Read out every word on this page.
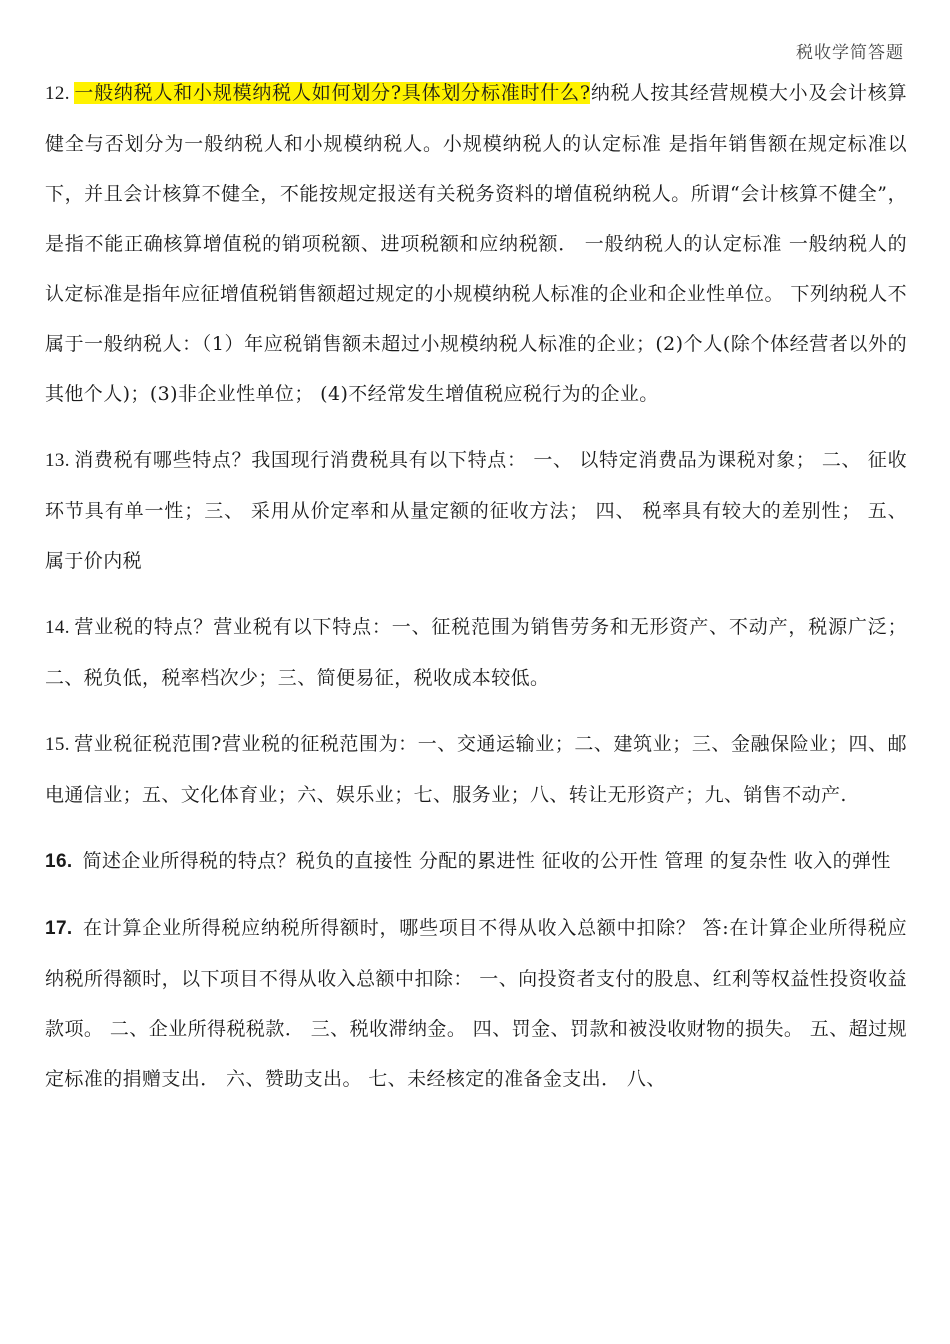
税收学简答题
12. 一般纳税人和小规模纳税人如何划分?具体划分标准时什么?纳税人按其经营规模大小及会计核算健全与否划分为一般纳税人和小规模纳税人。小规模纳税人的认定标准 是指年销售额在规定标准以下，并且会计核算不健全，不能按规定报送有关税务资料的增值税纳税人。所谓“会计核算不健全”，是指不能正确核算增值税的销项税额、进项税额和应纳税额． 一般纳税人的认定标准 一般纳税人的认定标准是指年应征增值税销售额超过规定的小规模纳税人标准的企业和企业性单位。 下列纳税人不属于一般纳税人：（1）年应税销售额未超过小规模纳税人标准的企业；(2)个人(除个体经营者以外的其他个人)；(3)非企业性单位； (4)不经常发生增值税应税行为的企业。
13. 消费税有哪些特点？我国现行消费税具有以下特点： 一、 以特定消费品为课税对象； 二、 征收环节具有单一性；三、 采用从价定率和从量定额的征收方法； 四、 税率具有较大的差别性； 五、 属于价内税
14. 营业税的特点？营业税有以下特点：一、征税范围为销售劳务和无形资产、不动产，税源广泛；二、税负低，税率档次少；三、简便易征，税收成本较低。
15. 营业税征税范围?营业税的征税范围为：一、交通运输业；二、建筑业；三、金融保险业；四、邮电通信业；五、文化体育业；六、娱乐业；七、服务业；八、转让无形资产；九、销售不动产.
16. 简述企业所得税的特点？税负的直接性 分配的累进性 征收的公开性 管理 的复杂性 收入的弹性
17. 在计算企业所得税应纳税所得额时，哪些项目不得从收入总额中扣除？ 答:在计算企业所得税应纳税所得额时，以下项目不得从收入总额中扣除： 一、向投资者支付的股息、红利等权益性投资收益款项。 二、企业所得税税款． 三、税收滞纳金。 四、罚金、罚款和被没收财物的损失。 五、超过规定标准的捐赠支出． 六、赞助支出。 七、未经核定的准备金支出． 八、
